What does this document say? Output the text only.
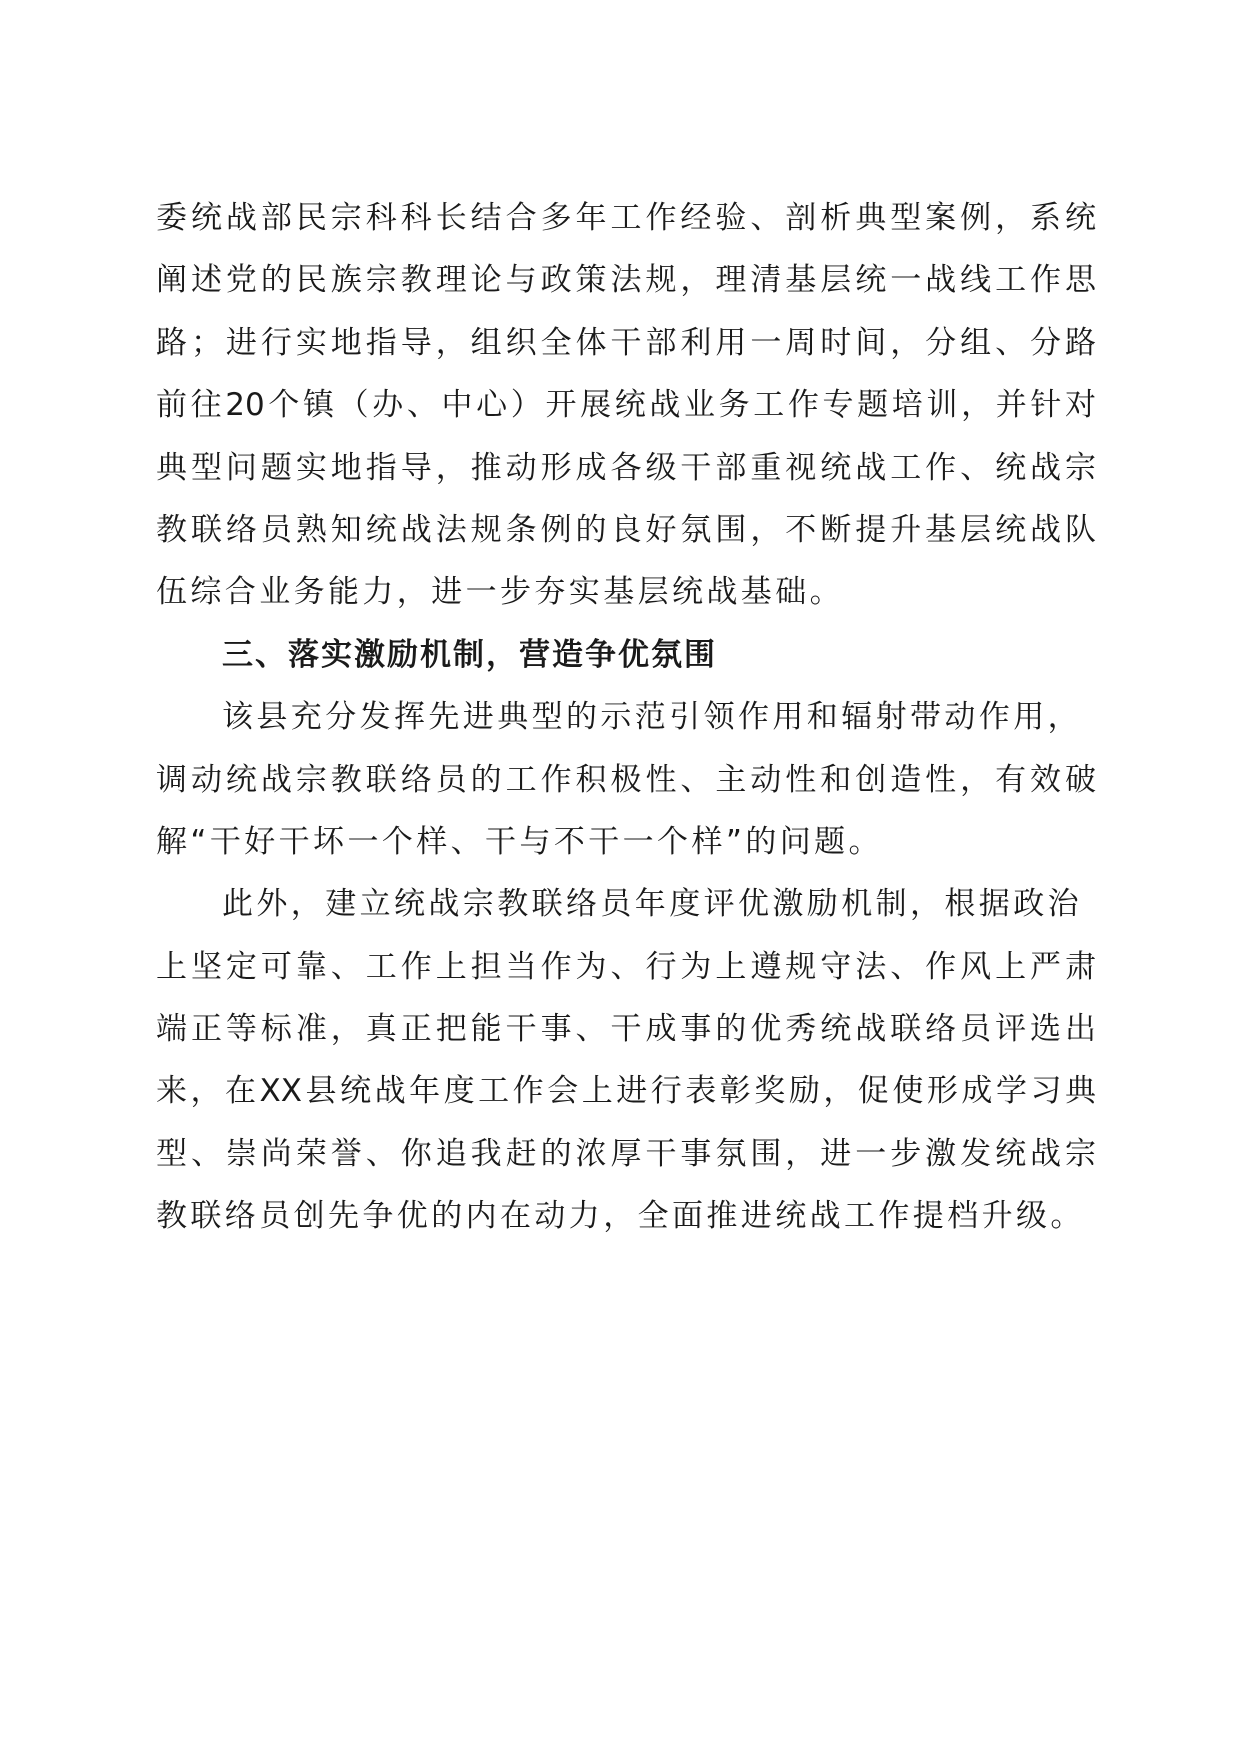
委统战部民宗科科长结合多年工作经验、剖析典型案例，系统
阐述党的民族宗教理论与政策法规，理清基层统一战线工作思
路；进行实地指导，组织全体干部利用一周时间，分组、分路
前往20个镇（办、中心）开展统战业务工作专题培训，并针对
典型问题实地指导，推动形成各级干部重视统战工作、统战宗
教联络员熟知统战法规条例的良好氛围，不断提升基层统战队
伍综合业务能力，进一步夯实基层统战基础。
三、落实激励机制，营造争优氛围
该县充分发挥先进典型的示范引领作用和辐射带动作用，
调动统战宗教联络员的工作积极性、主动性和创造性，有效破
解“干好干坏一个样、干与不干一个样”的问题。
此外，建立统战宗教联络员年度评优激励机制，根据政治
上坚定可靠、工作上担当作为、行为上遵规守法、作风上严肃
端正等标准，真正把能干事、干成事的优秀统战联络员评选出
来，在XX县统战年度工作会上进行表彰奖励，促使形成学习典
型、崇尚荣誉、你追我赶的浓厚干事氛围，进一步激发统战宗
教联络员创先争优的内在动力，全面推进统战工作提档升级。
